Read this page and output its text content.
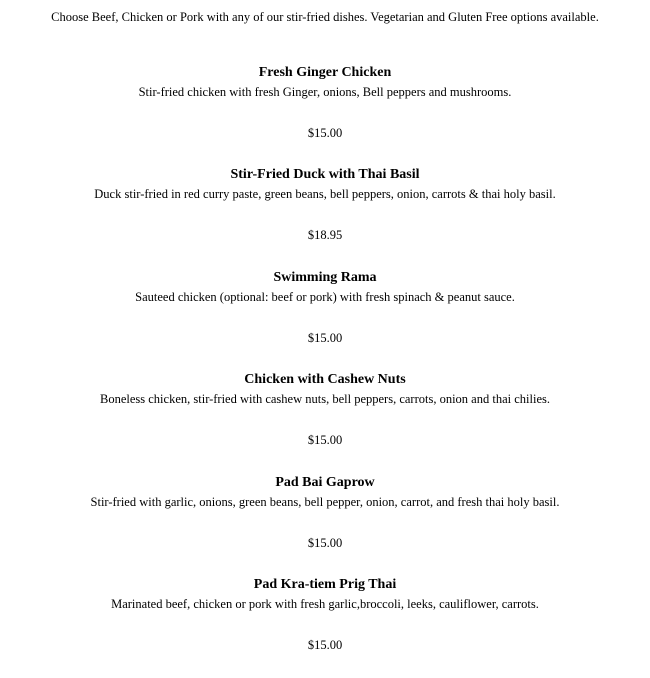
Choose Beef, Chicken or Pork with any of our stir-fried dishes. Vegetarian and Gluten Free options available.

Fresh Ginger Chicken

Stir-fried chicken with fresh Ginger, onions, Bell peppers and mushrooms.

$15.00

Stir-Fried Duck with Thai Basil

Duck stir-fried in red curry paste, green beans, bell peppers, onion, carrots & thai holy basil.

$18.95

Swimming Rama

Sauteed chicken (optional: beef or pork) with fresh spinach & peanut sauce.

$15.00

Chicken with Cashew Nuts

Boneless chicken, stir-fried with cashew nuts, bell peppers, carrots, onion and thai chilies.

$15.00

Pad Bai Gaprow

Stir-fried with garlic, onions, green beans, bell pepper, onion, carrot, and fresh thai holy basil.

$15.00

Pad Kra-tiem Prig Thai

Marinated beef, chicken or pork with fresh garlic,broccoli, leeks, cauliflower, carrots.

$15.00
